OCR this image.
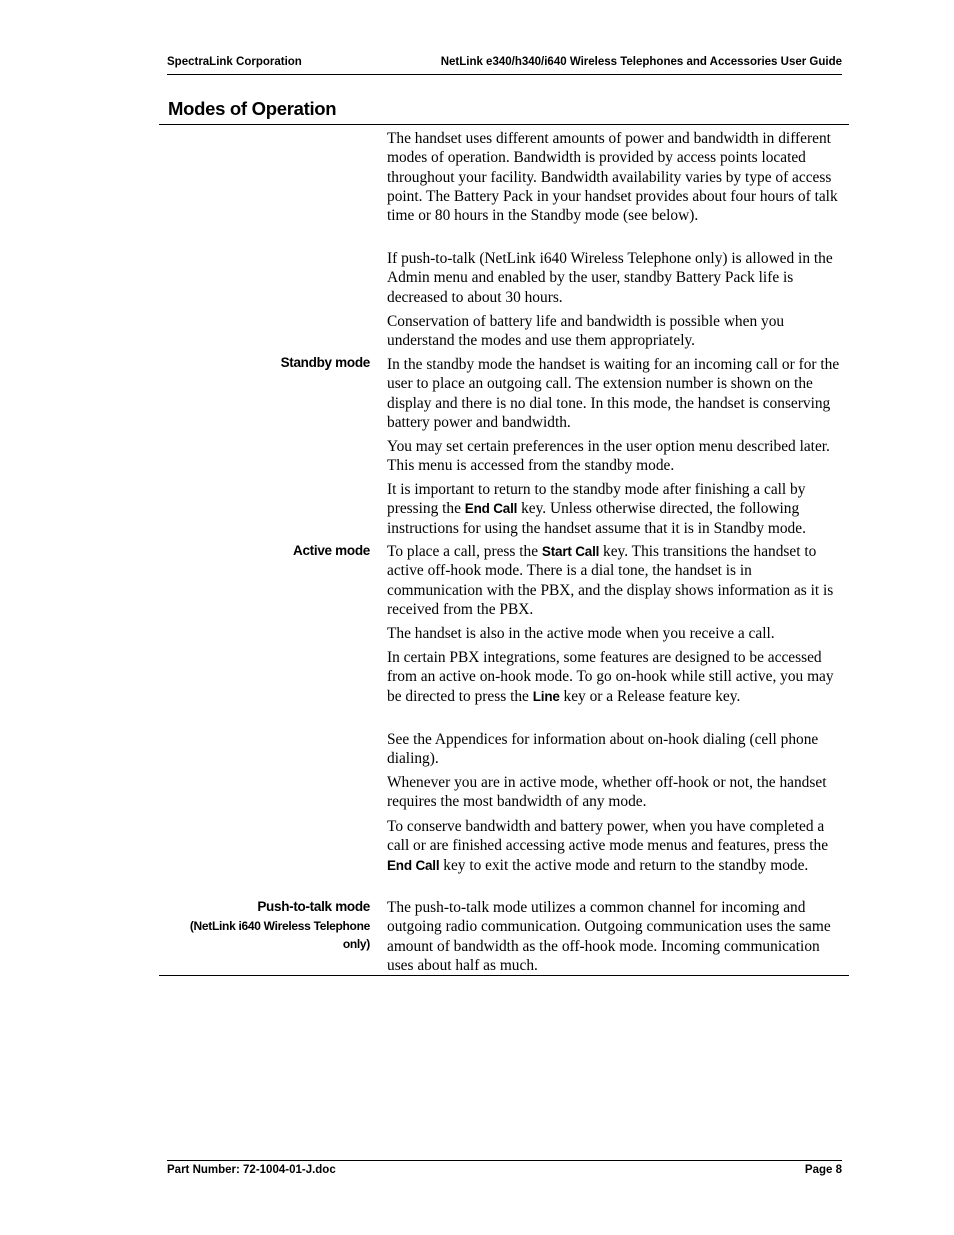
SpectraLink Corporation	NetLink e340/h340/i640 Wireless Telephones and Accessories User Guide
Modes of Operation

The handset uses different amounts of power and bandwidth in different modes of operation. Bandwidth is provided by access points located throughout your facility. Bandwidth availability varies by type of access point. The Battery Pack in your handset provides about four hours of talk time or 80 hours in the Standby mode (see below).

If push-to-talk (NetLink i640 Wireless Telephone only) is allowed in the Admin menu and enabled by the user, standby Battery Pack life is decreased to about 30 hours.

Conservation of battery life and bandwidth is possible when you understand the modes and use them appropriately.

Standby mode In the standby mode the handset is waiting for an incoming call or for the user to place an outgoing call. The extension number is shown on the display and there is no dial tone. In this mode, the handset is conserving battery power and bandwidth.

You may set certain preferences in the user option menu described later. This menu is accessed from the standby mode.

It is important to return to the standby mode after finishing a call by pressing the End Call key. Unless otherwise directed, the following instructions for using the handset assume that it is in Standby mode.

Active mode To place a call, press the Start Call key. This transitions the handset to active off-hook mode. There is a dial tone, the handset is in communication with the PBX, and the display shows information as it is received from the PBX.

The handset is also in the active mode when you receive a call.

In certain PBX integrations, some features are designed to be accessed from an active on-hook mode. To go on-hook while still active, you may be directed to press the Line key or a Release feature key.

See the Appendices for information about on-hook dialing (cell phone dialing).

Whenever you are in active mode, whether off-hook or not, the handset requires the most bandwidth of any mode.

To conserve bandwidth and battery power, when you have completed a call or are finished accessing active mode menus and features, press the End Call key to exit the active mode and return to the standby mode.

Push-to-talk mode
(NetLink i640 Wireless Telephone only)

The push-to-talk mode utilizes a common channel for incoming and outgoing radio communication. Outgoing communication uses the same amount of bandwidth as the off-hook mode. Incoming communication uses about half as much.

Part Number: 72-1004-01-J.doc	Page 8
